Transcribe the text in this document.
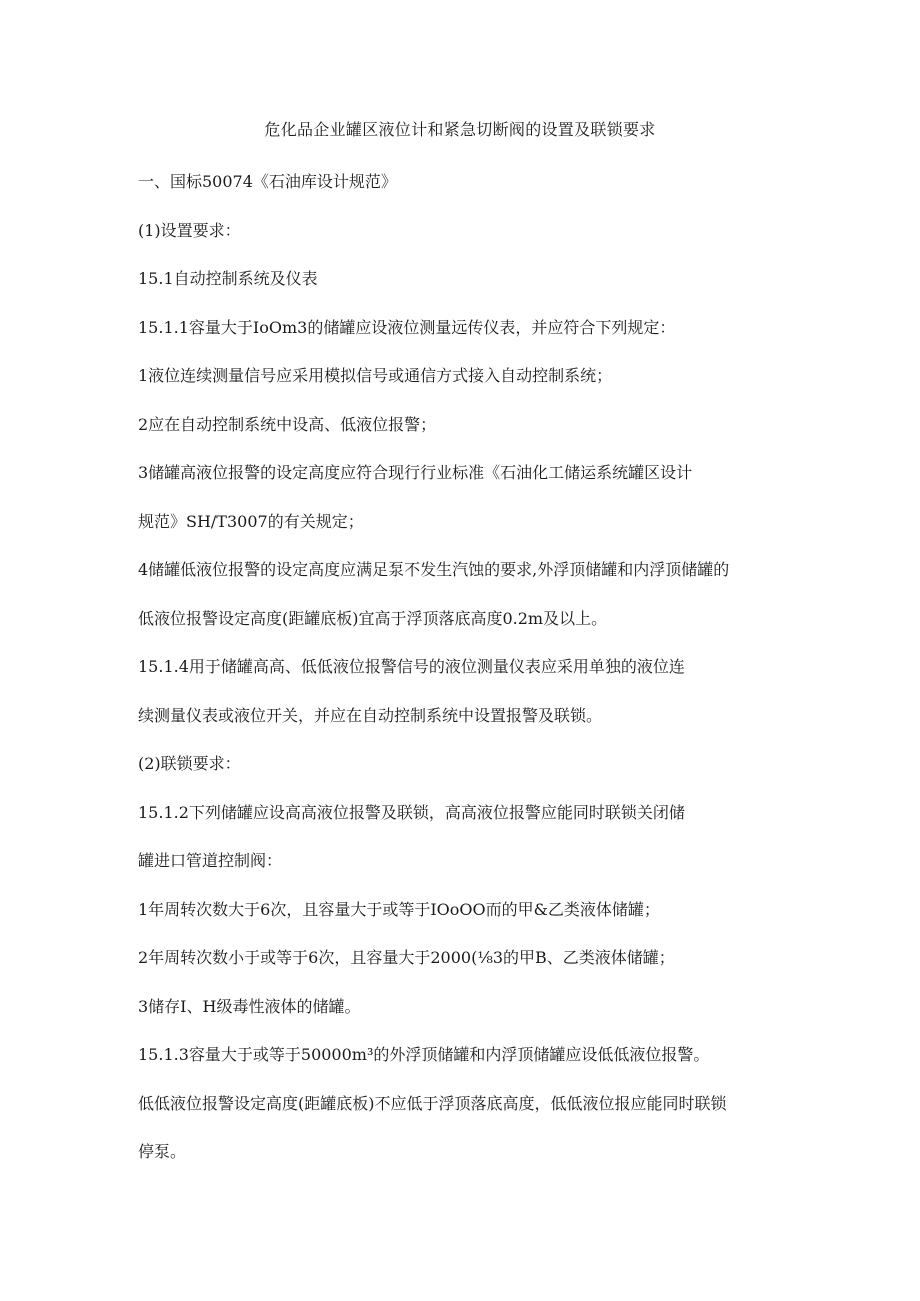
危化品企业罐区液位计和紧急切断阀的设置及联锁要求
一、国标50074《石油库设计规范》
(1)设置要求：
15.1自动控制系统及仪表
15.1.1容量大于IoOm3的储罐应设液位测量远传仪表，并应符合下列规定：
1液位连续测量信号应采用模拟信号或通信方式接入自动控制系统；
2应在自动控制系统中设高、低液位报警；
3储罐高液位报警的设定高度应符合现行行业标准《石油化工储运系统罐区设计
规范》SH/T3007的有关规定；
4储罐低液位报警的设定高度应满足泵不发生汽蚀的要求,外浮顶储罐和内浮顶储罐的
低液位报警设定高度(距罐底板)宜高于浮顶落底高度0.2m及以上。
15.1.4用于储罐高高、低低液位报警信号的液位测量仪表应采用单独的液位连
续测量仪表或液位开关，并应在自动控制系统中设置报警及联锁。
(2)联锁要求：
15.1.2下列储罐应设高高液位报警及联锁，高高液位报警应能同时联锁关闭储
罐进口管道控制阀：
1年周转次数大于6次，且容量大于或等于IOoOO而的甲&乙类液体储罐；
2年周转次数小于或等于6次，且容量大于2000(⅛3的甲B、乙类液体储罐；
3储存I、H级毒性液体的储罐。
15.1.3容量大于或等于50000m³的外浮顶储罐和内浮顶储罐应设低低液位报警。
低低液位报警设定高度(距罐底板)不应低于浮顶落底高度，低低液位报应能同时联锁
停泵。
